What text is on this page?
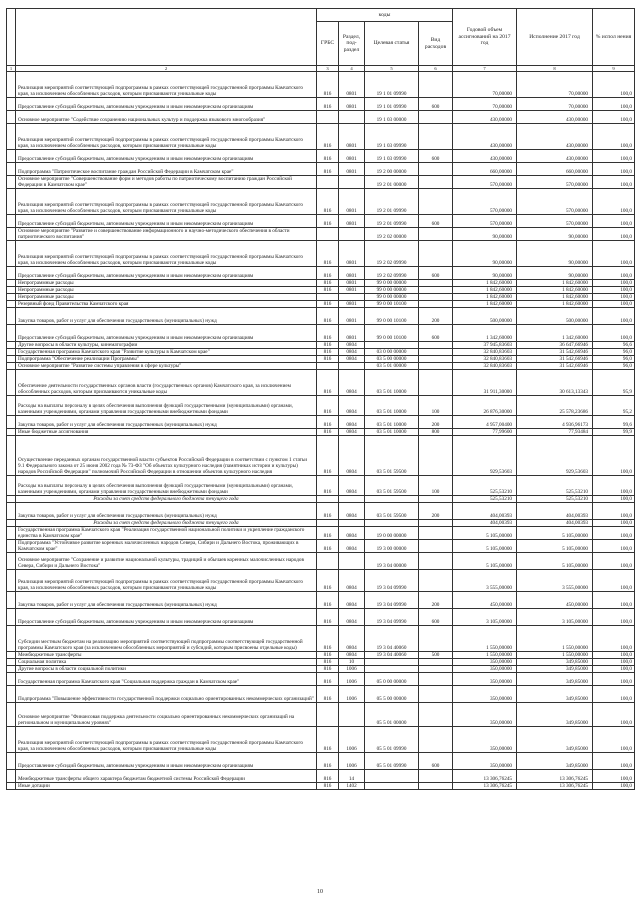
		коды				Годовой объем ассигнований на 2017 год	Исполнение 2017 год	% испол нения
		ГРБС	Раздел, под-раздел	Целевая статья	Вид расходов			
1	2	3	4	5	6	7	8	9
	Реализация мероприятий соответствующей подпрограммы в рамках соответствующей государственной программы Камчатского края, за исключением обособленных расходов, которым присваиваются уникальные коды	816	0801	19 1 01 09990		70,00000	70,00000	100,0
	Предоставление субсидий бюджетным, автономным учреждениям и иным некоммерческим организациям	816	0801	19 1 01 09990	600	70,00000	70,00000	100,0
	Основное мероприятие "Содействие сохранению национальных культур и поддержка языкового многообразия"			19 1 03 00000		430,00000	430,00000	100,0
	Реализация мероприятий соответствующей подпрограммы в рамках соответствующей государственной программы Камчатского края, за исключением обособленных расходов, которым присваиваются уникальные коды	816	0801	19 1 03 09990		430,00000	430,00000	100,0
	Предоставление субсидий бюджетным, автономным учреждениям и иным некоммерческим организациям	816	0801	19 1 03 09990	600	430,00000	430,00000	100,0
	Подпрограмма "Патриотическое воспитание граждан Российской Федерации в Камчатском крае"	816	0801	19 2 00 00000		660,00000	660,00000	100,0
	Основное мероприятие "Совершенствование форм и методов работы по патриотическому воспитанию граждан Российской Федерации в Камчатском крае"			19 2 01 00000		570,00000	570,00000	100,0
	Реализация мероприятий соответствующей подпрограммы в рамках соответствующей государственной программы Камчатского края, за исключением обособленных расходов, которым присваиваются уникальные коды	816	0801	19 2 01 09990		570,00000	570,00000	100,0
	Предоставление субсидий бюджетным, автономным учреждениям и иным некоммерческим организациям	816	0801	19 2 01 09990	600	570,00000	570,00000	100,0
	Основное мероприятие "Развитие и совершенствование информационного и научно-методического обеспечения в области патриотического воспитания"			19 2 02 00000		90,00000	90,00000	100,0
	Реализация мероприятий соответствующей подпрограммы в рамках соответствующей государственной программы Камчатского края, за исключением обособленных расходов, которым присваиваются уникальные коды	816	0801	19 2 02 09990		90,00000	90,00000	100,0
	Предоставление субсидий бюджетным, автономным учреждениям и иным некоммерческим организациям	816	0801	19 2 02 09990	600	90,00000	90,00000	100,0
	Непрограммные расходы	816	0801	99 0 00 00000		1 842,60000	1 842,60000	100,0
	Непрограммные расходы	816	0801	99 0 00 00000		1 842,60000	1 842,60000	100,0
	Непрограммные расходы			99 0 00 00000		1 842,60000	1 842,60000	100,0
	Резервный фонд Правительства Камчатского края	816	0801	99 0 00 10100		1 842,60000	1 842,60000	100,0
	Закупка товаров, работ и услуг для обеспечения государственных (муниципальных) нужд	816	0801	99 0 00 10100	200	500,00000	500,00000	100,0
	Предоставление субсидий бюджетным, автономным учреждениям и иным некоммерческим организациям	816	0801	99 0 00 10100	600	1 342,60000	1 342,60000	100,0
	Другие вопросы в области культуры, кинематографии	816	0804			37 945,83603	36 647,66946	96,6
	Государственная программа Камчатского края "Развитие культуры в Камчатском крае"	816	0804	03 0 00 00000		32 840,83603	31 542,66946	96,0
	Подпрограмма "Обеспечение реализации Программы"	816	0804	03 5 00 00000		32 840,83603	31 542,66946	96,0
	Основное мероприятие "Развитие системы управления в сфере культуры"			03 5 01 00000		32 840,83603	31 542,66946	96,0
	Обеспечение деятельности государственных органов власти (государственных органов) Камчатского края, за исключением обособленных расходов, которым присваиваются уникальные коды	816	0804	03 5 01 10000		31 911,30000	30 613,13343	95,9
	Расходы на выплаты персоналу в целях обеспечения выполнения функций государственными (муниципальными) органами, казенными учреждениями, органами управления государственными внебюджетными фондами	816	0804	03 5 01 10000	100	26 876,30000	25 578,23686	95,2
	Закупка товаров, работ и услуг для обеспечения государственных (муниципальных) нужд	816	0804	03 5 01 10000	200	4 957,00400	4 936,96173	99,6
	Иные бюджетные ассигнования	816	0804	03 5 01 10000	800	77,99600	77,93484	99,9
	Осуществление переданных органам государственной власти субъектов Российской Федерации в соответствии с пунктом 1 статьи 9.1 Федерального закона от 25 июня 2002 года № 73-ФЗ "Об объектах культурного наследия (памятниках истории и культуры) народов Российской Федерации" полномочий Российской Федерации в отношении объектов культурного наследия	816	0804	03 5 01 59500		929,53603	929,53603	100,0
	Расходы на выплаты персоналу в целях обеспечения выполнения функций государственными (муниципальными) органами, казенными учреждениями, органами управления государственными внебюджетными фондами	816	0804	03 5 01 59500	100	525,53210	525,53210	100,0
	Расходы за счет средств федерального бюджета текущего года					525,53210	525,53210	100,0
	Закупка товаров, работ и услуг для обеспечения государственных (муниципальных) нужд	816	0804	03 5 01 59500	200	404,00393	404,00393	100,0
	Расходы за счет средств федерального бюджета текущего года					404,00393	404,00393	100,0
	Государственная программа Камчатского края "Реализация государственной национальной политики и укрепление гражданского единства в Камчатском крае"	816	0804	19 0 00 00000		5 105,00000	5 105,00000	100,0
	Подпрограмма "Устойчивое развитие коренных малочисленных народов Севера, Сибири и Дальнего Востока, проживающих в Камчатском крае"	816	0804	19 3 00 00000		5 105,00000	5 105,00000	100,0
	Основное мероприятие "Сохранение и развитие национальной культуры, традиций и обычаев коренных малочисленных народов Севера, Сибири и Дальнего Востока"			19 3 04 00000		5 105,00000	5 105,00000	100,0
	Реализация мероприятий соответствующей подпрограммы в рамках соответствующей государственной программы Камчатского края, за исключением обособленных расходов, которым присваиваются уникальные коды	816	0804	19 3 04 09990		3 555,00000	3 555,00000	100,0
	Закупка товаров, работ и услуг для обеспечения государственных (муниципальных) нужд	816	0804	19 3 04 09990	200	450,00000	450,00000	100,0
	Предоставление субсидий бюджетным, автономным учреждениям и иным некоммерческим организациям	816	0804	19 3 04 09990	600	3 105,00000	3 105,00000	100,0
	Субсидии местным бюджетам на реализацию мероприятий соответствующей подпрограммы соответствующей государственной программы Камчатского края (за исключением обособленных мероприятий и субсидий, которым присвоены отдельные коды)	816	0804	19 3 04 40060		1 550,00000	1 550,00000	100,0
	Межбюджетные трансферты	816	0804	19 3 04 40060	500	1 550,00000	1 550,00000	100,0
	Социальная политика	816	10			350,00000	349,85000	100,0
	Другие вопросы в области социальной политики	816	1006			350,00000	349,85000	100,0
	Государственная программа Камчатского края "Социальная поддержка граждан в Камчатском крае"	816	1006	05 0 00 00000		350,00000	349,85000	100,0
	Подпрограмма "Повышение эффективности государственной поддержки социально ориентированных некоммерческих организаций"	816	1006	05 5 00 00000		350,00000	349,85000	100,0
	Основное мероприятие "Финансовая поддержка деятельности социально ориентированных некоммерческих организаций на региональном и муниципальном уровнях"			05 5 01 00000		350,00000	349,85000	100,0
	Реализация мероприятий соответствующей подпрограммы в рамках соответствующей государственной программы Камчатского края, за исключением обособленных расходов, которым присваиваются уникальные коды	816	1006	05 5 01 09990		350,00000	349,85000	100,0
	Предоставление субсидий бюджетным, автономным учреждениям и иным некоммерческим организациям	816	1006	05 5 01 09990	600	350,00000	349,85000	100,0
	Межбюджетные трансферты общего характера бюджетам бюджетной системы Российской Федерации	816	14			13 306,76245	13 306,76245	100,0
	Иные дотации	816	1402			13 306,76245	13 306,76245	100,0
10
